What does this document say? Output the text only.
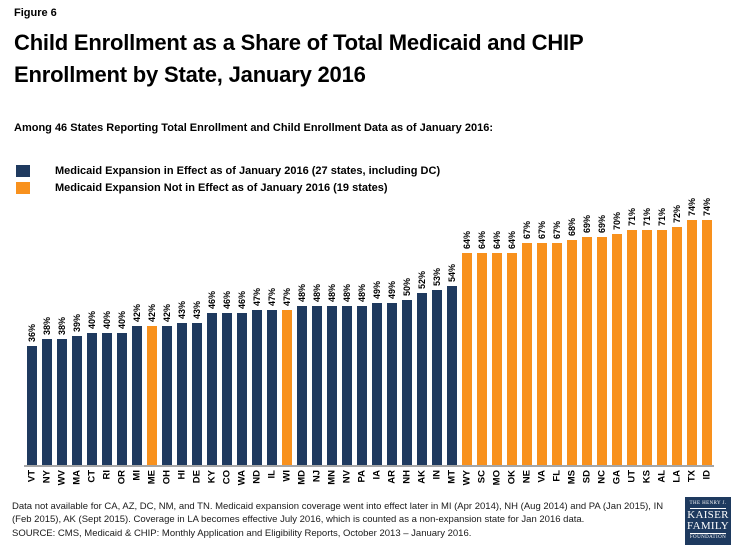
Figure 6
Child Enrollment as a Share of Total Medicaid and CHIP Enrollment by State, January 2016
Among 46 States Reporting Total Enrollment and Child Enrollment Data as of January 2016:
Medicaid Expansion in Effect as of January 2016 (27 states, including DC)
Medicaid Expansion Not in Effect as of January 2016 (19 states)
36%
VT
38%
NY
38%
WV
39%
MA
40%
CT
40%
RI
40%
OR
42%
MI
42%
ME
42%
OH
43%
HI
43%
DE
46%
KY
46%
CO
46%
WA
47%
ND
47%
IL
47%
WI
48%
MD
48%
NJ
48%
MN
48%
NV
48%
PA
49%
IA
49%
AR
50%
NH
52%
AK
53%
IN
54%
MT
64%
WY
64%
SC
64%
MO
64%
OK
67%
NE
67%
VA
67%
FL
68%
MS
69%
SD
69%
NC
70%
GA
71%
UT
71%
KS
71%
AL
72%
LA
74%
TX
74%
ID
Data not available for CA, AZ, DC, NM, and TN. Medicaid expansion coverage went into effect later in MI (Apr 2014), NH (Aug 2014) and PA (Jan 2015), IN (Feb 2015), AK (Sept 2015). Coverage in LA becomes effective July 2016, which is counted as a non-expansion state for Jan 2016 data.
SOURCE: CMS, Medicaid & CHIP: Monthly Application and Eligibility Reports, October 2013 – January 2016.
THE HENRY J.
KAISER
FAMILY
FOUNDATION
